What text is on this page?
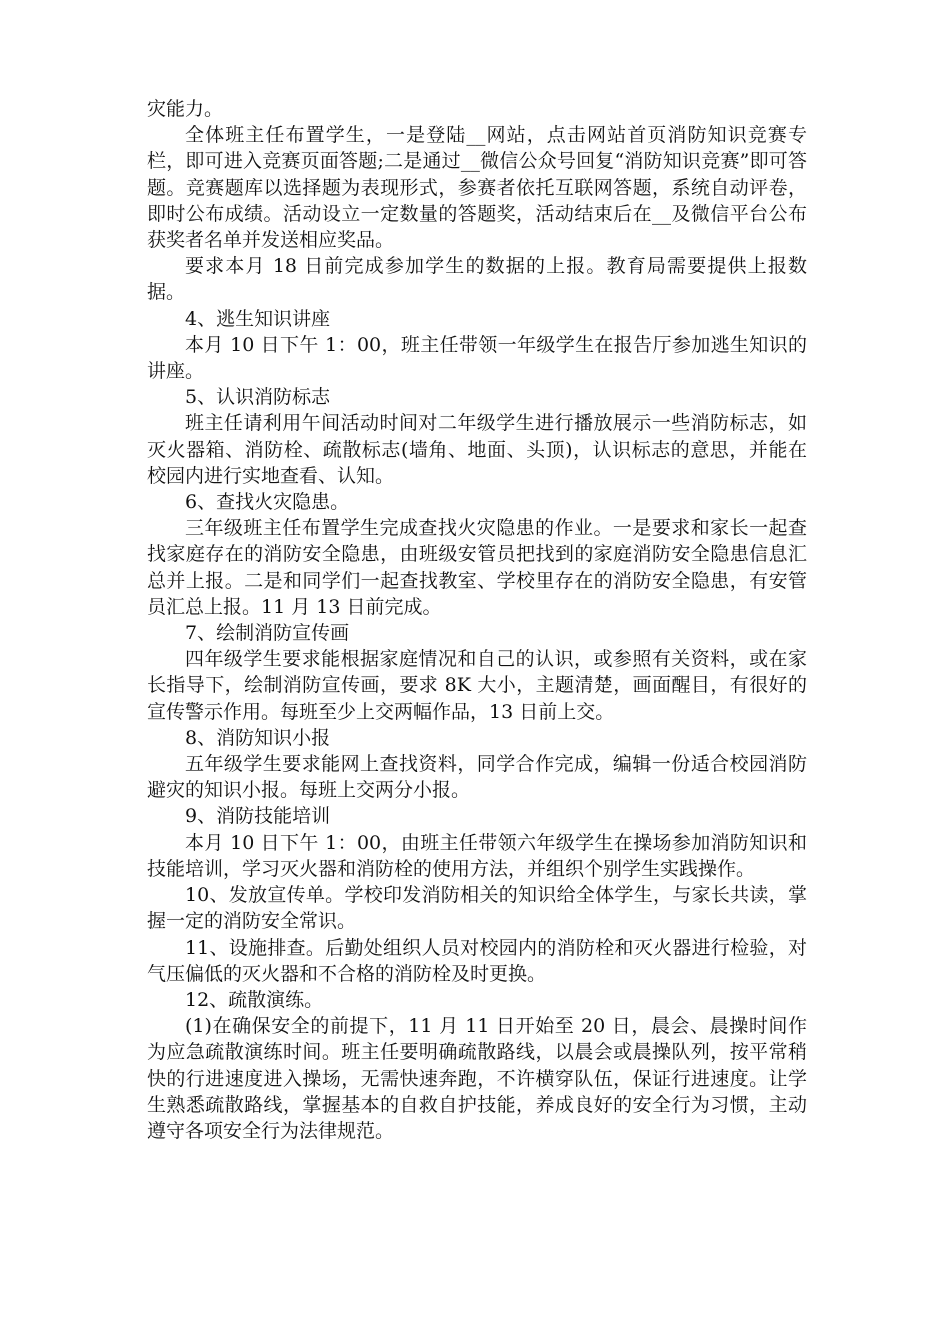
灾能力。

全体班主任布置学生，一是登陆__网站，点击网站首页消防知识竞赛专栏，即可进入竞赛页面答题;二是通过__微信公众号回复“消防知识竞赛”即可答题。竞赛题库以选择题为表现形式，参赛者依托互联网答题，系统自动评卷，即时公布成绩。活动设立一定数量的答题奖，活动结束后在__及微信平台公布获奖者名单并发送相应奖品。

要求本月 18 日前完成参加学生的数据的上报。教育局需要提供上报数据。

4、逃生知识讲座

本月 10 日下午 1：00，班主任带领一年级学生在报告厅参加逃生知识的讲座。

5、认识消防标志

班主任请利用午间活动时间对二年级学生进行播放展示一些消防标志，如灭火器箱、消防栓、疏散标志(墙角、地面、头顶)，认识标志的意思，并能在校园内进行实地查看、认知。

6、查找火灾隐患。

三年级班主任布置学生完成查找火灾隐患的作业。一是要求和家长一起查找家庭存在的消防安全隐患，由班级安管员把找到的家庭消防安全隐患信息汇总并上报。二是和同学们一起查找教室、学校里存在的消防安全隐患，有安管员汇总上报。11 月 13 日前完成。

7、绘制消防宣传画

四年级学生要求能根据家庭情况和自己的认识，或参照有关资料，或在家长指导下，绘制消防宣传画，要求 8K 大小，主题清楚，画面醒目，有很好的宣传警示作用。每班至少上交两幅作品，13 日前上交。

8、消防知识小报

五年级学生要求能网上查找资料，同学合作完成，编辑一份适合校园消防避灾的知识小报。每班上交两分小报。

9、消防技能培训

本月 10 日下午 1：00，由班主任带领六年级学生在操场参加消防知识和技能培训，学习灭火器和消防栓的使用方法，并组织个别学生实践操作。

10、发放宣传单。学校印发消防相关的知识给全体学生，与家长共读，掌握一定的消防安全常识。

11、设施排查。后勤处组织人员对校园内的消防栓和灭火器进行检验，对气压偏低的灭火器和不合格的消防栓及时更换。

12、疏散演练。

(1)在确保安全的前提下，11 月 11 日开始至 20 日，晨会、晨操时间作为应急疏散演练时间。班主任要明确疏散路线，以晨会或晨操队列，按平常稍快的行进速度进入操场，无需快速奔跑，不许横穿队伍，保证行进速度。让学生熟悉疏散路线，掌握基本的自救自护技能，养成良好的安全行为习惯，主动遵守各项安全行为法律规范。
